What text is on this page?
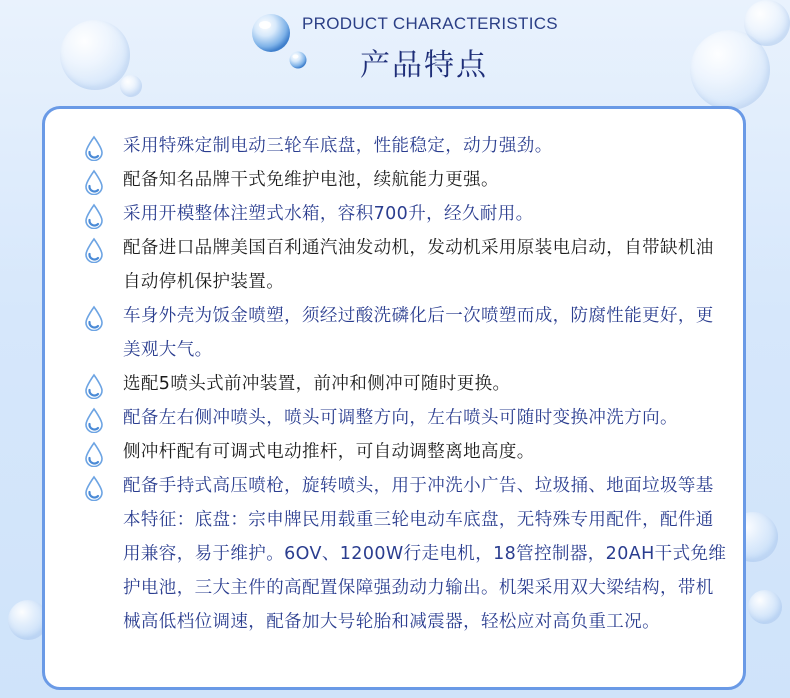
PRODUCT CHARACTERISTICS
产品特点
采用特殊定制电动三轮车底盘，性能稳定，动力强劲。
配备知名品牌干式免维护电池，续航能力更强。
采用开模整体注塑式水箱，容积700升，经久耐用。
配备进口品牌美国百利通汽油发动机，发动机采用原装电启动，自带缺机油自动停机保护装置。
车身外壳为饭金喷塑，须经过酸洗磷化后一次喷塑而成，防腐性能更好，更美观大气。
选配5喷头式前冲装置，前冲和侧冲可随时更换。
配备左右侧冲喷头，喷头可调整方向，左右喷头可随时变换冲洗方向。
侧冲杆配有可调式电动推杆，可自动调整离地高度。
配备手持式高压喷枪，旋转喷头，用于冲洗小广告、垃圾捅、地面垃圾等基本特征：底盘：宗申牌民用载重三轮电动车底盘，无特殊专用配件，配件通用兼容，易于维护。6OV、1200W行走电机，18管控制器，20AH干式免维护电池，三大主件的高配置保障强劲动力输出。机架采用双大梁结构，带机械高低档位调速，配备加大号轮胎和减震器，轻松应对高负重工况。
